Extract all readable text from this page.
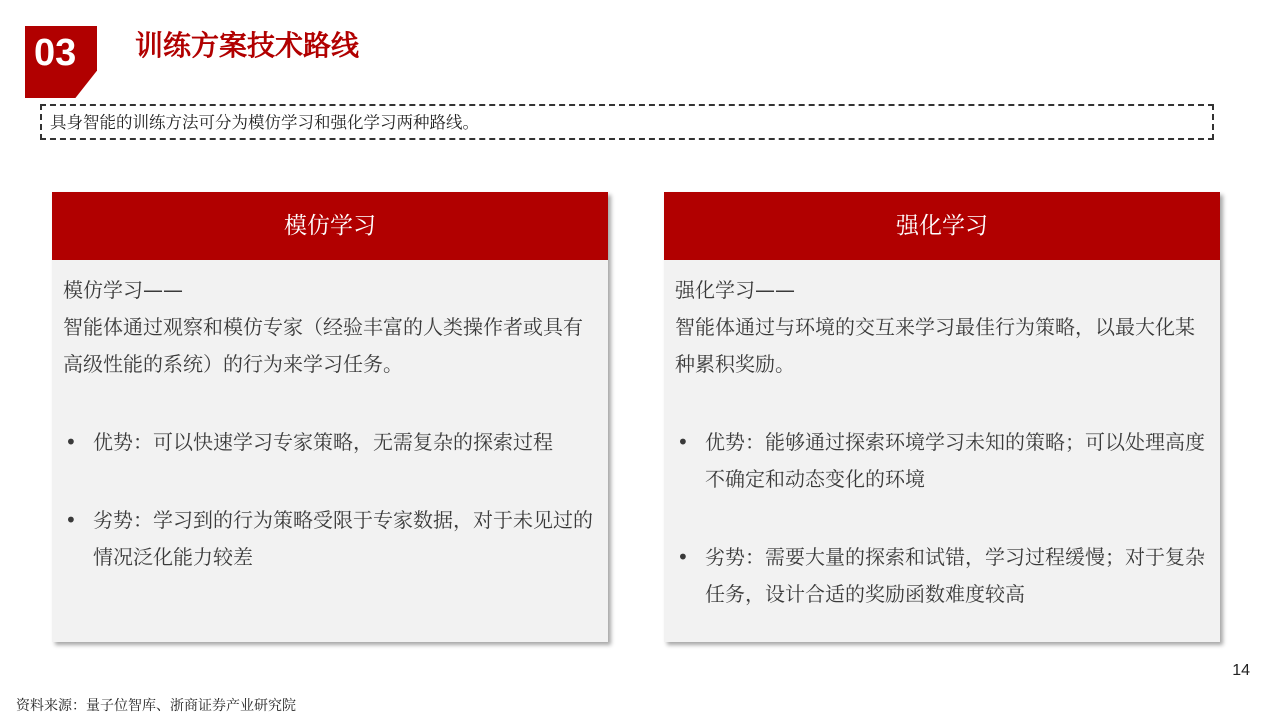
03 训练方案技术路线
具身智能的训练方法可分为模仿学习和强化学习两种路线。
模仿学习

模仿学习——

智能体通过观察和模仿专家（经验丰富的人类操作者或具有高级性能的系统）的行为来学习任务。

• 优势：可以快速学习专家策略，无需复杂的探索过程
• 劣势：学习到的行为策略受限于专家数据，对于未见过的情况泛化能力较差
强化学习

强化学习——

智能体通过与环境的交互来学习最佳行为策略，以最大化某种累积奖励。

• 优势：能够通过探索环境学习未知的策略；可以处理高度不确定和动态变化的环境
• 劣势：需要大量的探索和试错，学习过程缓慢；对于复杂任务，设计合适的奖励函数难度较高
14
资料来源：量子位智库、浙商证券产业研究院
